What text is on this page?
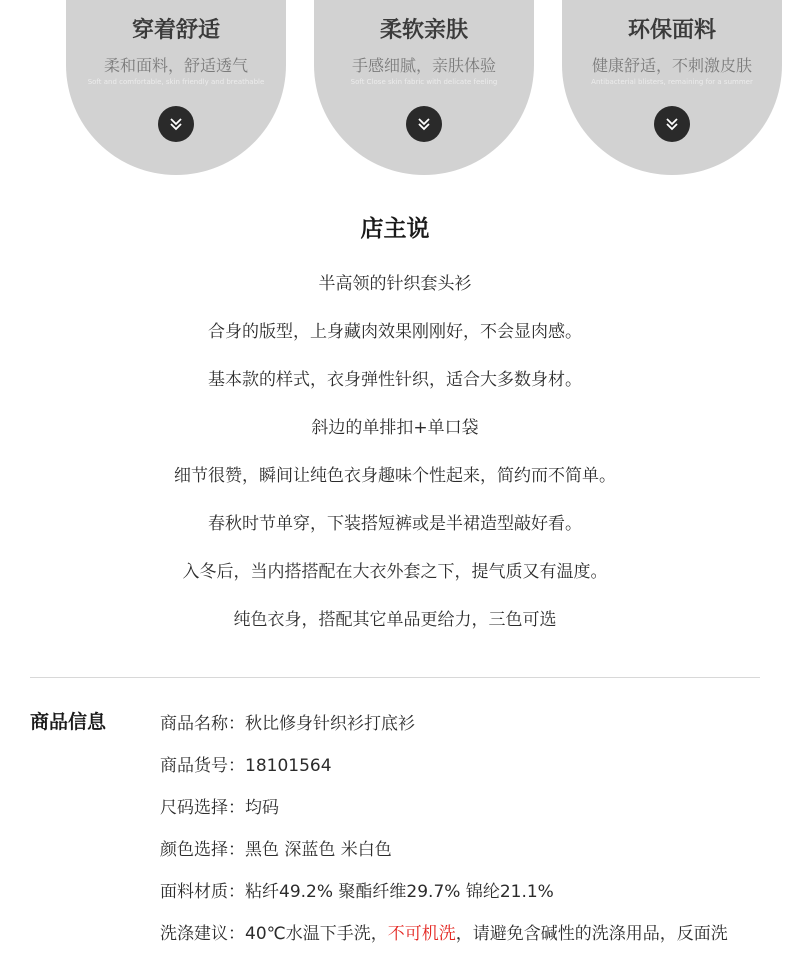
穿着舒适
柔和面料，舒适透气
Soft and comfortable, skin friendly and breathable
柔软亲肤
手感细腻，亲肤体验
Soft Close skin fabric with delicate feeling
环保面料
健康舒适，不刺激皮肤
Antibacterial blisters, remaining for a summer
店主说
半高领的针织套头衫
合身的版型，上身藏肉效果刚刚好，不会显肉感。
基本款的样式，衣身弹性针织，适合大多数身材。
斜边的单排扣+单口袋
细节很赞，瞬间让纯色衣身趣味个性起来，简约而不简单。
春秋时节单穿，下装搭短裤或是半裙造型敲好看。
入冬后，当内搭搭配在大衣外套之下，提气质又有温度。
纯色衣身，搭配其它单品更给力，三色可选
商品信息	商品名称：秋比修身针织衫打底衫
商品货号：18101564
尺码选择：均码
颜色选择：黑色 深蓝色 米白色
面料材质：粘纤49.2% 聚酯纤维29.7% 锦纶21.1%
洗涤建议：40℃水温下手洗，不可机洗，请避免含碱性的洗涤用品，反面洗
